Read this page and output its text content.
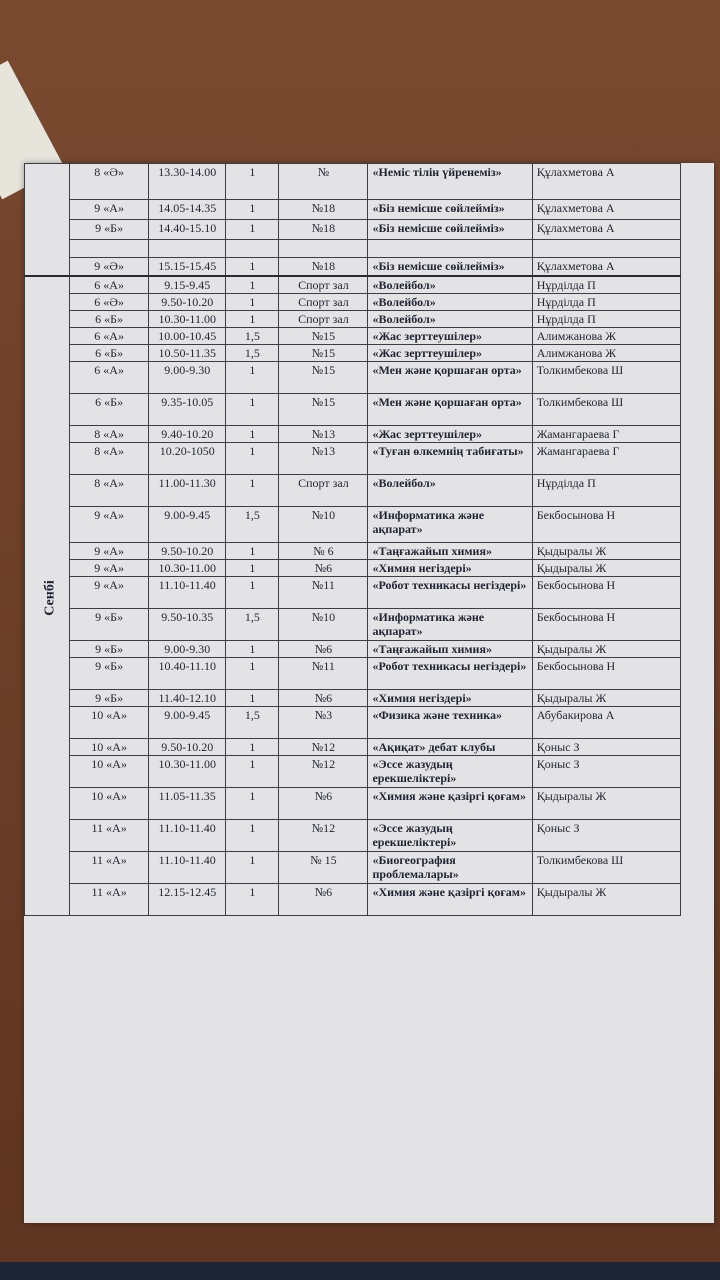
	8 «Ә»	13.30-14.00	1	№	«Неміс тілін үйренеміз»	Құлахметова А
	9 «А»	14.05-14.35	1	№18	«Біз немісше сөйлейміз»	Құлахметова А
	9 «Б»	14.40-15.10	1	№18	«Біз немісше сөйлейміз»	Құлахметова А

	9 «Ә»	15.15-15.45	1	№18	«Біз немісше сөйлейміз»	Құлахметова А

Сенбі	6 «А»	9.15-9.45	1	Спорт зал	«Волейбол»	Нұрділда П
	6 «Ә»	9.50-10.20	1	Спорт зал	«Волейбол»	Нұрділда П
	6 «Б»	10.30-11.00	1	Спорт зал	«Волейбол»	Нұрділда П
	6 «А»	10.00-10.45	1,5	№15	«Жас зерттеушілер»	Алимжанова Ж
	6 «Б»	10.50-11.35	1,5	№15	«Жас зерттеушілер»	Алимжанова Ж
	6 «А»	9.00-9.30	1	№15	«Мен және қоршаған орта»	Толкимбекова Ш
	6 «Б»	9.35-10.05	1	№15	«Мен және қоршаған орта»	Толкимбекова Ш
	8 «А»	9.40-10.20	1	№13	«Жас зерттеушілер»	Жамангараева Г
	8 «А»	10.20-1050	1	№13	«Туған өлкемнің табиғаты»	Жамангараева Г
	8 «А»	11.00-11.30	1	Спорт зал	«Волейбол»	Нұрділда П
	9 «А»	9.00-9.45	1,5	№10	«Информатика және ақпарат»	Бекбосынова Н
	9 «А»	9.50-10.20	1	№ 6	«Таңғажайып химия»	Қыдыралы Ж
	9 «А»	10.30-11.00	1	№6	«Химия негіздері»	Қыдыралы Ж
	9 «А»	11.10-11.40	1	№11	«Робот техникасы негіздері»	Бекбосынова Н
	9 «Б»	9.50-10.35	1,5	№10	«Информатика және ақпарат»	Бекбосынова Н
	9 «Б»	9.00-9.30	1	№6	«Таңғажайып химия»	Қыдыралы Ж
	9 «Б»	10.40-11.10	1	№11	«Робот техникасы негіздері»	Бекбосынова Н
	9 «Б»	11.40-12.10	1	№6	«Химия негіздері»	Қыдыралы Ж
	10 «А»	9.00-9.45	1,5	№3	«Физика және техника»	Абубакирова А
	10 «А»	9.50-10.20	1	№12	«Ақиқат» дебат клубы	Қоныс З
	10 «А»	10.30-11.00	1	№12	«Эссе жазудың ерекшеліктері»	Қоныс З
	10 «А»	11.05-11.35	1	№6	«Химия және қазіргі қоғам»	Қыдыралы Ж
	11 «А»	11.10-11.40	1	№12	«Эссе жазудың ерекшеліктері»	Қоныс З
	11 «А»	11.10-11.40	1	№ 15	«Биогеография проблемалары»	Толкимбекова Ш
	11 «А»	12.15-12.45	1	№6	«Химия және қазіргі қоғам»	Қыдыралы Ж
